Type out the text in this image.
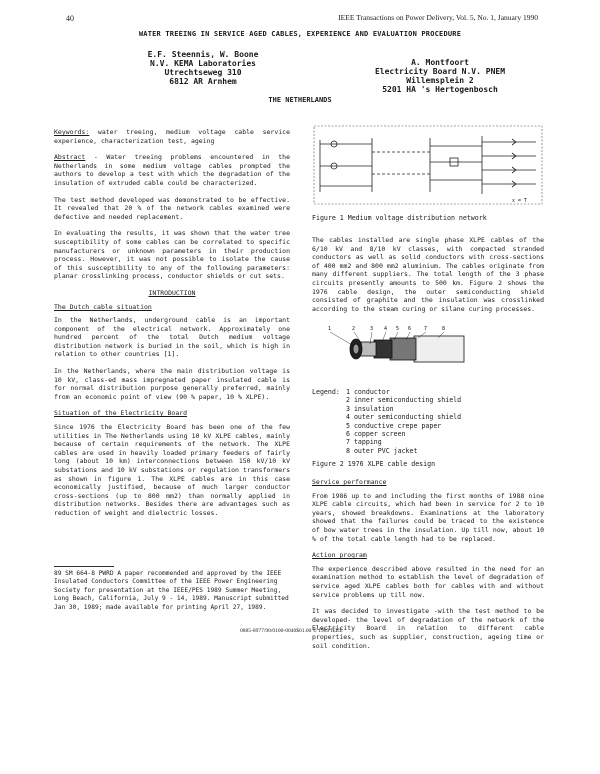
40	IEEE Transactions on Power Delivery, Vol. 5, No. 1, January 1990
WATER TREEING IN SERVICE AGED CABLES, EXPERIENCE AND EVALUATION PROCEDURE
E.F. Steennis, W. Boone
N.V. KEMA Laboratories
Utrechtseweg 310
6812 AR Arnhem
A. Montfoort
Electricity Board N.V. PNEM
Willemsplein 2
5201 HA 's Hertogenbosch
THE NETHERLANDS

Keywords: water treeing, medium voltage cable service experience, characterization test, ageing

Abstract - Water treeing problems encountered in the Netherlands in some medium voltage cables prompted the authors to develop a test with which the degradation of the insulation of extruded cable could be characterized.

The test method developed was demonstrated to be effective. It revealed that 20 % of the network cables examined were defective and needed replacement.

In evaluating the results, it was shown that the water tree susceptibility of some cables can be correlated to specific manufacturers or unknown parameters in their production process. However, it was not possible to isolate the cause of this susceptibility to any of the following parameters: planar crosslinking process, conductor shields or cut sets.

INTRODUCTION

The Dutch cable situation

In the Netherlands, underground cable is an important component of the electrical network. Approximately one hundred percent of the total Dutch medium voltage distribution network is buried in the soil, which is high in relation to other countries [1].

In the Netherlands, where the main distribution voltage is 10 kV, class-ed mass impregnated paper insulated cable is for normal distribution purpose generally preferred, mainly from an economic point of view (90 % paper, 10 % XLPE).

Situation of the Electricity Board

Since 1976 the Electricity Board has been one of the few utilities in The Netherlands using 10 kV XLPE cables, mainly because of certain requirements of the network. The XLPE cables are used in heavily loaded primary feeders of fairly long (about 10 km) interconnections between 150 kV/10 kV substations and 10 kV substations or regulation transformers as shown in figure 1. The XLPE cables are in this case economically justified, because of much larger conductor cross-sections (up to 800 mm2) than normally applied in distribution networks. Besides there are advantages such as reduction of weight and dielectric losses.

89 SM 664-8 PWRD A paper recommended and approved by the IEEE Insulated Conductors Committee of the IEEE Power Engineering Society for presentation at the IEEE/PES 1989 Summer Meeting, Long Beach, California, July 9 - 14, 1989. Manuscript submitted Jan 30, 1989; made available for printing April 27, 1989.
x = T
Figure 1 Medium voltage distribution network
The cables installed are single phase XLPE cables of the 6/10 kV and 8/10 kV classes, with compacted stranded conductors as well as solid conductors with cross-sections of 400 mm2 and 800 mm2 aluminium. The cables originate from many different suppliers. The total length of the 3 phase circuits presently amounts to 500 km. Figure 2 shows the 1976 cable design, the outer semiconducting shield consisted of graphite and the insulation was crosslinked according to the steam curing or silane curing processes.
1	2	3 4 5 6	7	8
Legend: 1 conductor
2 inner semiconducting shield
3 insulation
4 outer semiconducting shield
5 conductive crepe paper
6 copper screen
7 tapping
8 outer PVC jacket
Figure 2 1976 XLPE cable design

Service performance

From 1986 up to and including the first months of 1988 nine XLPE cable circuits, which had been in service for 2 to 10 years, showed breakdowns. Examinations at the laboratory showed that the failures could be traced to the existence of bow water trees in the insulation. Up till now, about 10 % of the total cable length had to be replaced.

Action program

The experience described above resulted in the need for an examination method to establish the level of degradation of service aged XLPE cables both for cables with and without service problems up till now.

It was decided to investigate -with the test method to be developed- the level of degradation of the network of the Electricity Board in relation to different cable properties, such as supplier, construction, ageing time or soil condition.

0885-8977/90/0100-0040$01.00 © 1989 IEEE
